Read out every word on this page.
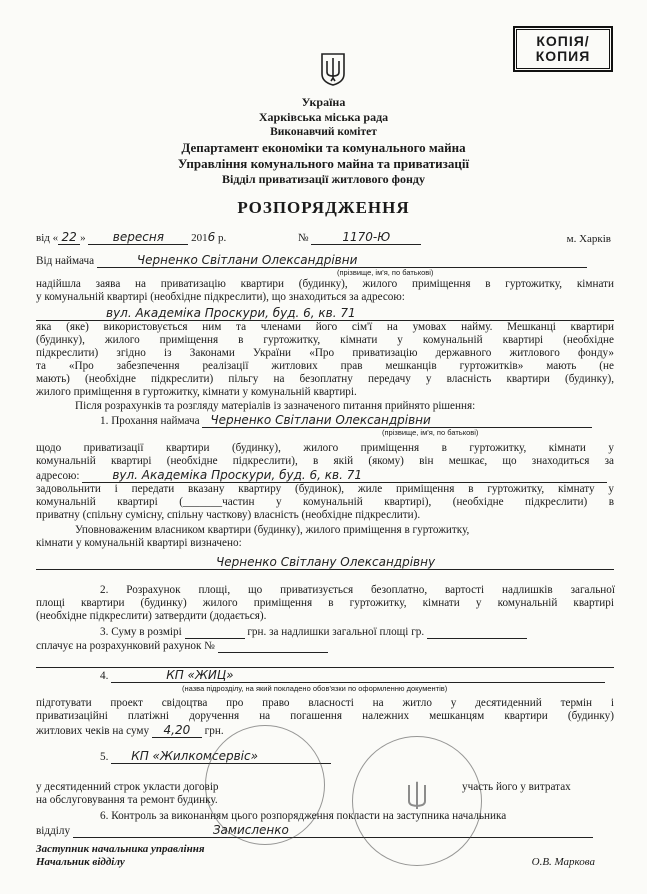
КОПІЯ/
КОПИЯ
Україна
Харківська міська рада
Виконавчий комітет
Департамент економіки та комунального майна
Управління комунального майна та приватизації
Відділ приватизації житлового фонду
РОЗПОРЯДЖЕННЯ
від « 22 » вересня 2016 р.	№	1170-Ю	м. Харків
Від наймача	Черненко Світлани Олександрівни
(прізвище, ім'я, по батькові)
надійшла заява на приватизацію квартири (будинку), жилого приміщення в гуртожитку, кімнати
у комунальній квартирі (необхідне підкреслити), що знаходиться за адресою:
вул. Академіка Проскури, буд. 6, кв. 71
яка (яке) використовується ним та членами його сім'ї на умовах найму. Мешканці квартири
(будинку), жилого приміщення в гуртожитку, кімнати у комунальній квартирі (необхідне
підкреслити) згідно із Законами України «Про приватизацію державного житлового фонду»
та «Про забезпечення реалізації житлових прав мешканців гуртожитків» мають (не
мають) (необхідне підкреслити) пільгу на безоплатну передачу у власність квартири (будинку),
жилого приміщення в гуртожитку, кімнати у комунальній квартирі.
Після розрахунків та розгляду матеріалів із зазначеного питання прийнято рішення:
1. Прохання наймача Черненко Світлани Олександрівни
(прізвище, ім'я, по батькові)
щодо приватизації квартири (будинку), жилого приміщення в гуртожитку, кімнати у
комунальній квартирі (необхідне підкреслити), в якій (якому) він мешкає, що знаходиться за
адресою:	вул. Академіка Проскури, буд. 6, кв. 71
задовольнити і передати вказану квартиру (будинок), жиле приміщення в гуртожитку, кімнату у
комунальній квартирі (_______частин у комунальній квартирі), (необхідне підкреслити) в
приватну (спільну сумісну, спільну часткову) власність (необхідне підкреслити).
Уповноваженим власником квартири (будинку), жилого приміщення в гуртожитку,
кімнати у комунальній квартирі визначено:
Черненко Світлану Олександрівну
2. Розрахунок площі, що приватизується безоплатно, вартості надлишків загальної
площі квартири (будинку) жилого приміщення в гуртожитку, кімнати у комунальній квартирі
(необхідне підкреслити) затвердити (додається).
3. Суму в розмірі	грн. за надлишки загальної площі гр.
сплачує на розрахунковий рахунок №
4.	КП «ЖИЦ»
(назва підрозділу, на який покладено обов'язки по оформленню документів)
підготувати проект свідоцтва про право власності на житло у десятиденний термін і
приватизаційні платіжні доручення на погашення належних мешканцям квартири (будинку)
житлових чеків на суму 4,20 грн.
5. КП «Жилкомсервіс»
у десятиденний строк укласти договір	участь його у витратах
на обслуговування та ремонт будинку.
6. Контроль за виконанням цього розпорядження покласти на заступника начальника
відділу	Замисленко
Заступник начальника управління
Начальник відділу	О.В. Маркова
